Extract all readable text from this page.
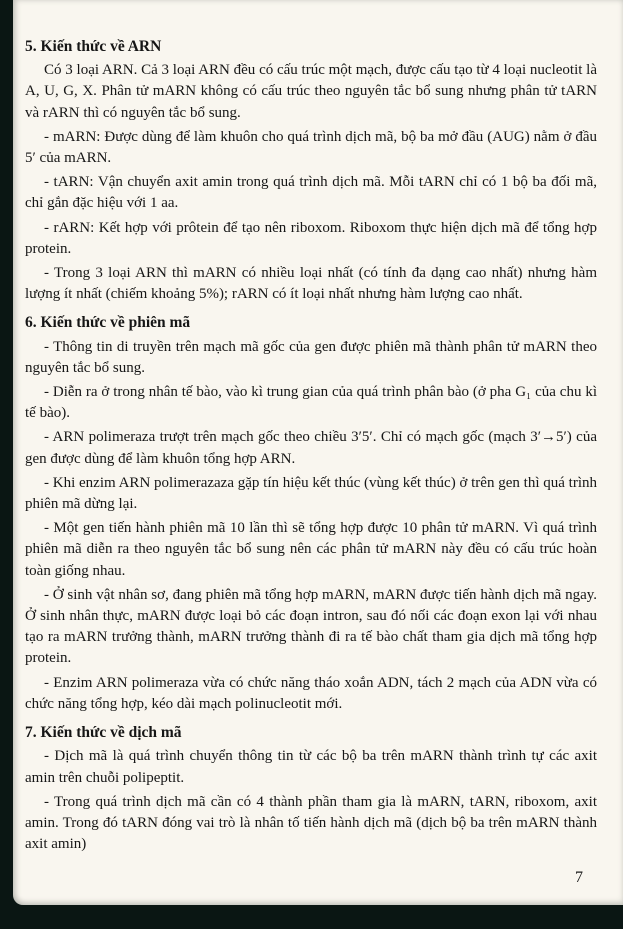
5. Kiến thức về ARN

Có 3 loại ARN. Cả 3 loại ARN đều có cấu trúc một mạch, được cấu tạo từ 4 loại nucleotit là A, U, G, X. Phân tử mARN không có cấu trúc theo nguyên tắc bổ sung nhưng phân tử tARN và rARN thì có nguyên tắc bổ sung.

- mARN: Được dùng để làm khuôn cho quá trình dịch mã, bộ ba mở đầu (AUG) nằm ở đầu 5′ của mARN.

- tARN: Vận chuyển axit amin trong quá trình dịch mã. Mỗi tARN chỉ có 1 bộ ba đối mã, chỉ gắn đặc hiệu với 1 aa.

- rARN: Kết hợp với prôtein để tạo nên riboxom. Riboxom thực hiện dịch mã để tổng hợp protein.

- Trong 3 loại ARN thì mARN có nhiều loại nhất (có tính đa dạng cao nhất) nhưng hàm lượng ít nhất (chiếm khoảng 5%); rARN có ít loại nhất nhưng hàm lượng cao nhất.

6. Kiến thức về phiên mã

- Thông tin di truyền trên mạch mã gốc của gen được phiên mã thành phân tử mARN theo nguyên tắc bổ sung.

- Diễn ra ở trong nhân tế bào, vào kì trung gian của quá trình phân bào (ở pha G₁ của chu kì tế bào).

- ARN polimeraza trượt trên mạch gốc theo chiều 3′5′. Chỉ có mạch gốc (mạch 3′→5′) của gen được dùng để làm khuôn tổng hợp ARN.

- Khi enzim ARN polimerazaza gặp tín hiệu kết thúc (vùng kết thúc) ở trên gen thì quá trình phiên mã dừng lại.

- Một gen tiến hành phiên mã 10 lần thì sẽ tổng hợp được 10 phân tử mARN. Vì quá trình phiên mã diễn ra theo nguyên tắc bổ sung nên các phân tử mARN này đều có cấu trúc hoàn toàn giống nhau.

- Ở sinh vật nhân sơ, đang phiên mã tổng hợp mARN, mARN được tiến hành dịch mã ngay. Ở sinh nhân thực, mARN được loại bỏ các đoạn intron, sau đó nối các đoạn exon lại với nhau tạo ra mARN trưởng thành, mARN trưởng thành đi ra tế bào chất tham gia dịch mã tổng hợp protein.

- Enzim ARN polimeraza vừa có chức năng tháo xoắn ADN, tách 2 mạch của ADN vừa có chức năng tổng hợp, kéo dài mạch polinucleotit mới.

7. Kiến thức về dịch mã

- Dịch mã là quá trình chuyển thông tin từ các bộ ba trên mARN thành trình tự các axit amin trên chuỗi polipeptit.

- Trong quá trình dịch mã cần có 4 thành phần tham gia là mARN, tARN, riboxom, axit amin. Trong đó tARN đóng vai trò là nhân tố tiến hành dịch mã (dịch bộ ba trên mARN thành axit amin)

7
